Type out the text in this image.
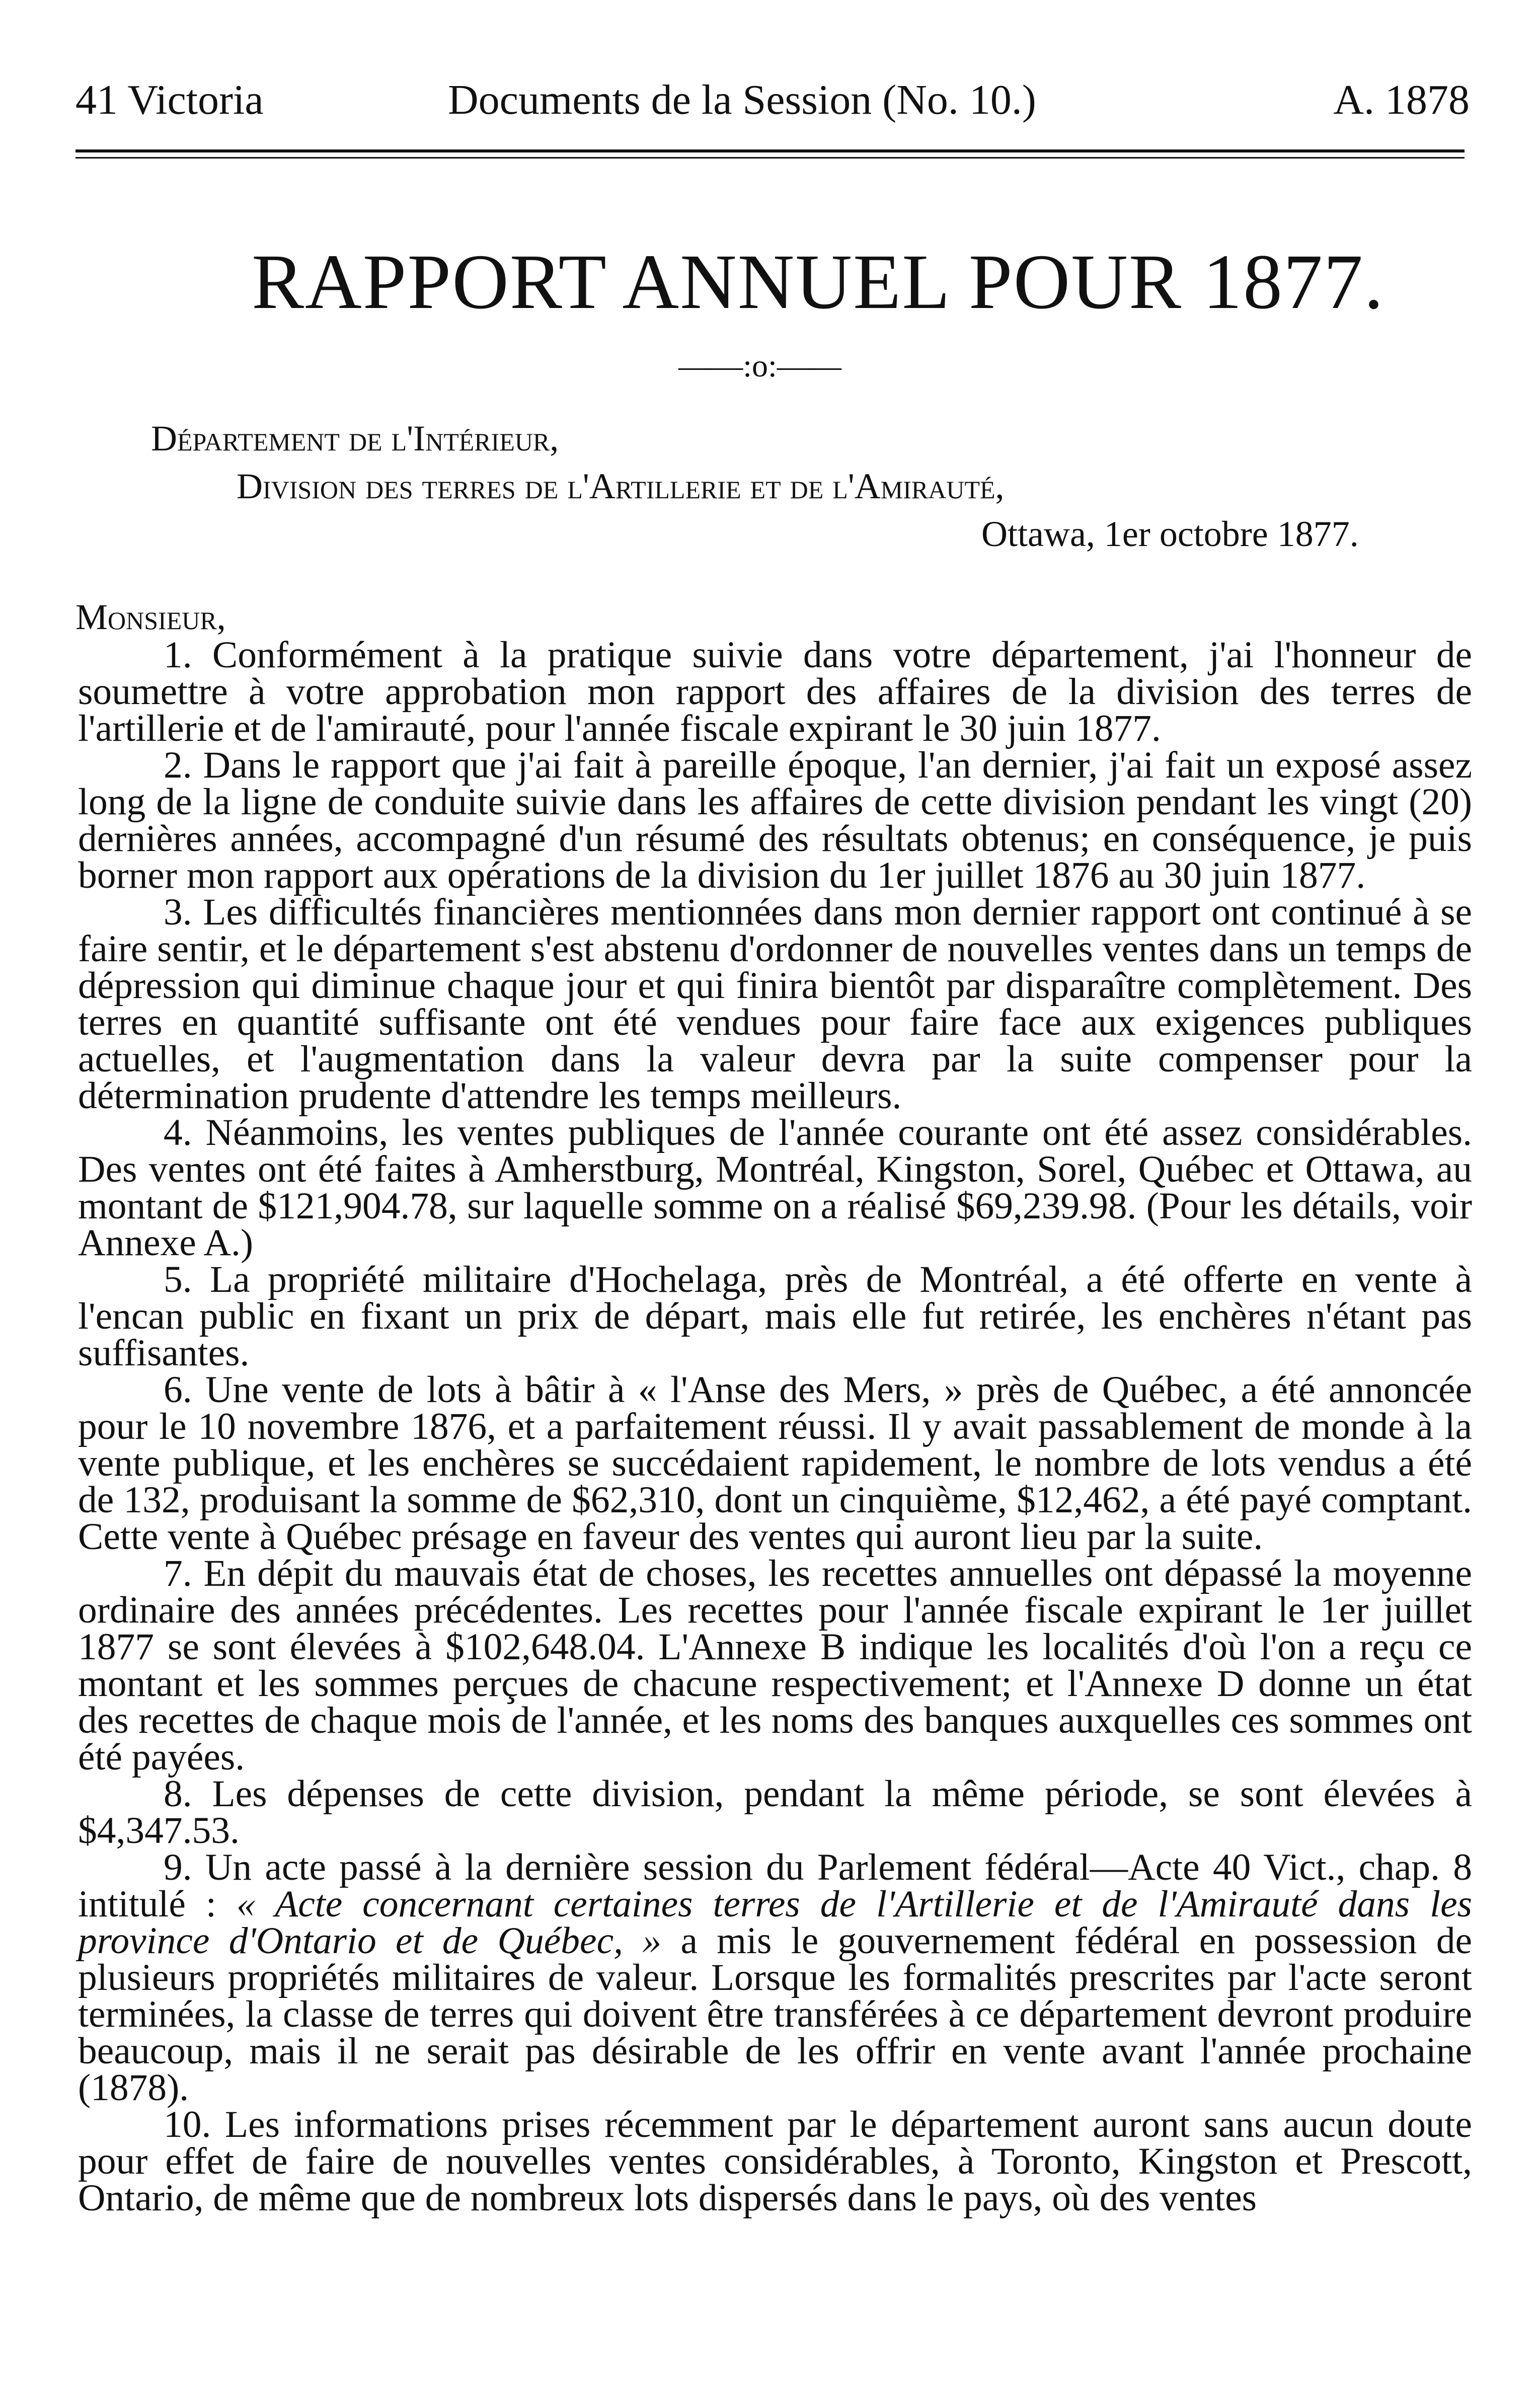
41 Victoria	Documents de la Session (No. 10.)	A. 1878
RAPPORT ANNUEL POUR 1877.
——:o:——
Département de l'Intérieur,
Division des terres de l'Artillerie et de l'Amirauté,
Ottawa, 1er octobre 1877.
Monsieur,

1. Conformément à la pratique suivie dans votre département, j'ai l'honneur de soumettre à votre approbation mon rapport des affaires de la division des terres de l'artillerie et de l'amirauté, pour l'année fiscale expirant le 30 juin 1877.

2. Dans le rapport que j'ai fait à pareille époque, l'an dernier, j'ai fait un exposé assez long de la ligne de conduite suivie dans les affaires de cette division pendant les vingt (20) dernières années, accompagné d'un résumé des résultats obtenus; en conséquence, je puis borner mon rapport aux opérations de la division du 1er juillet 1876 au 30 juin 1877.

3. Les difficultés financières mentionnées dans mon dernier rapport ont continué à se faire sentir, et le département s'est abstenu d'ordonner de nouvelles ventes dans un temps de dépression qui diminue chaque jour et qui finira bientôt par disparaître complètement. Des terres en quantité suffisante ont été vendues pour faire face aux exigences publiques actuelles, et l'augmentation dans la valeur devra par la suite compenser pour la détermination prudente d'attendre les temps meilleurs.

4. Néanmoins, les ventes publiques de l'année courante ont été assez considérables. Des ventes ont été faites à Amherstburg, Montréal, Kingston, Sorel, Québec et Ottawa, au montant de $121,904.78, sur laquelle somme on a réalisé $69,239.98. (Pour les détails, voir Annexe A.)

5. La propriété militaire d'Hochelaga, près de Montréal, a été offerte en vente à l'encan public en fixant un prix de départ, mais elle fut retirée, les enchères n'étant pas suffisantes.

6. Une vente de lots à bâtir à « l'Anse des Mers, » près de Québec, a été annoncée pour le 10 novembre 1876, et a parfaitement réussi. Il y avait passablement de monde à la vente publique, et les enchères se succédaient rapidement, le nombre de lots vendus a été de 132, produisant la somme de $62,310, dont un cinquième, $12,462, a été payé comptant. Cette vente à Québec présage en faveur des ventes qui auront lieu par la suite.

7. En dépit du mauvais état de choses, les recettes annuelles ont dépassé la moyenne ordinaire des années précédentes. Les recettes pour l'année fiscale expirant le 1er juillet 1877 se sont élevées à $102,648.04. L'Annexe B indique les localités d'où l'on a reçu ce montant et les sommes perçues de chacune respectivement; et l'Annexe D donne un état des recettes de chaque mois de l'année, et les noms des banques auxquelles ces sommes ont été payées.

8. Les dépenses de cette division, pendant la même période, se sont élevées à $4,347.53.

9. Un acte passé à la dernière session du Parlement fédéral—Acte 40 Vict., chap. 8 intitulé : « Acte concernant certaines terres de l'Artillerie et de l'Amirauté dans les province d'Ontario et de Québec, » a mis le gouvernement fédéral en possession de plusieurs propriétés militaires de valeur. Lorsque les formalités prescrites par l'acte seront terminées, la classe de terres qui doivent être transférées à ce département devront produire beaucoup, mais il ne serait pas désirable de les offrir en vente avant l'année prochaine (1878).

10. Les informations prises récemment par le département auront sans aucun doute pour effet de faire de nouvelles ventes considérables, à Toronto, Kingston et Prescott, Ontario, de même que de nombreux lots dispersés dans le pays, où des ventes
